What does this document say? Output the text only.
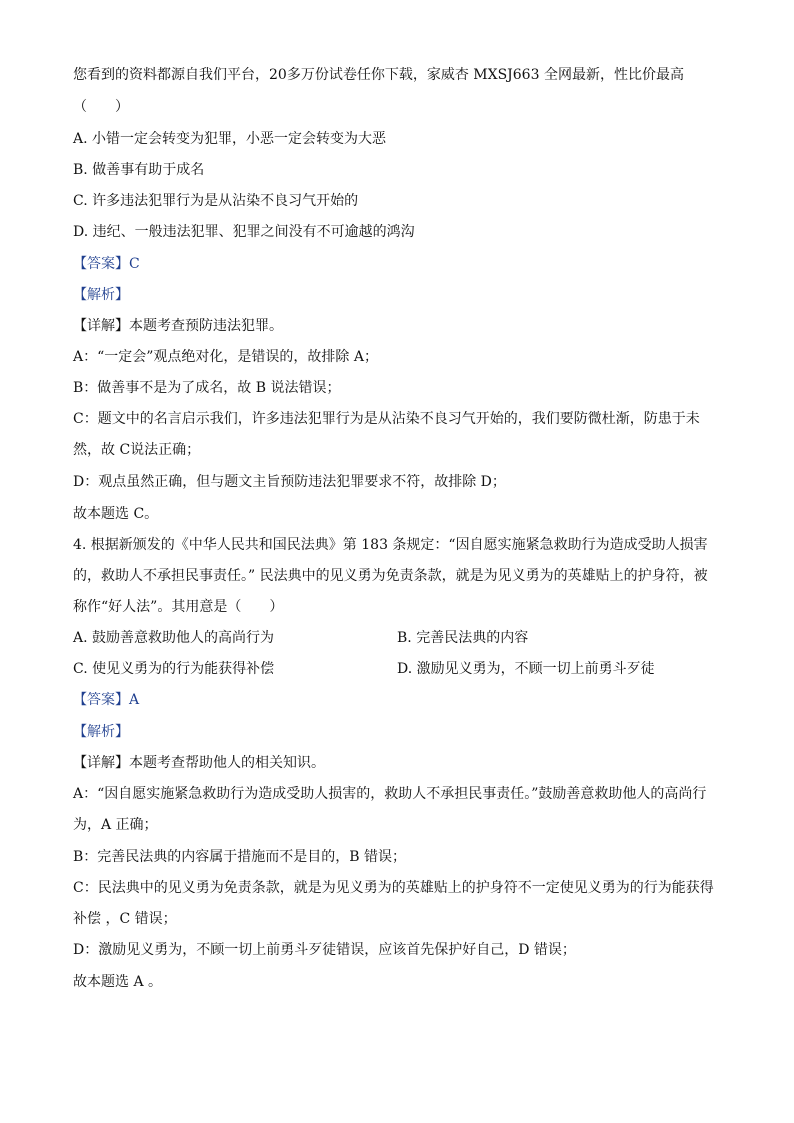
您看到的资料都源自我们平台，20多万份试卷任你下载，家威杏 MXSJ663 全网最新，性比价最高
（　　）
A. 小错一定会转变为犯罪，小恶一定会转变为大恶
B. 做善事有助于成名
C. 许多违法犯罪行为是从沾染不良习气开始的
D. 违纪、一般违法犯罪、犯罪之间没有不可逾越的鸿沟
【答案】C
【解析】
【详解】本题考查预防违法犯罪。
A：“一定会”观点绝对化，是错误的，故排除 A；
B：做善事不是为了成名，故 B 说法错误；
C：题文中的名言启示我们，许多违法犯罪行为是从沾染不良习气开始的，我们要防微杜渐，防患于未
然，故 C说法正确；
D：观点虽然正确，但与题文主旨预防违法犯罪要求不符，故排除 D；
故本题选 C。
4. 根据新颁发的《中华人民共和国民法典》第 183 条规定：“因自愿实施紧急救助行为造成受助人损害
的，救助人不承担民事责任。” 民法典中的见义勇为免责条款，就是为见义勇为的英雄贴上的护身符，被
称作“好人法”。其用意是（　　）
A. 鼓励善意救助他人的高尚行为	B. 完善民法典的内容
C. 使见义勇为的行为能获得补偿	D. 激励见义勇为，不顾一切上前勇斗歹徒
【答案】A
【解析】
【详解】本题考查帮助他人的相关知识。
A：“因自愿实施紧急救助行为造成受助人损害的，救助人不承担民事责任。”鼓励善意救助他人的高尚行
为，A 正确；
B：完善民法典的内容属于措施而不是目的，B 错误；
C：民法典中的见义勇为免责条款，就是为见义勇为的英雄贴上的护身符不一定使见义勇为的行为能获得
补偿 ，C 错误；
D：激励见义勇为，不顾一切上前勇斗歹徒错误，应该首先保护好自己，D 错误；
故本题选 A 。
